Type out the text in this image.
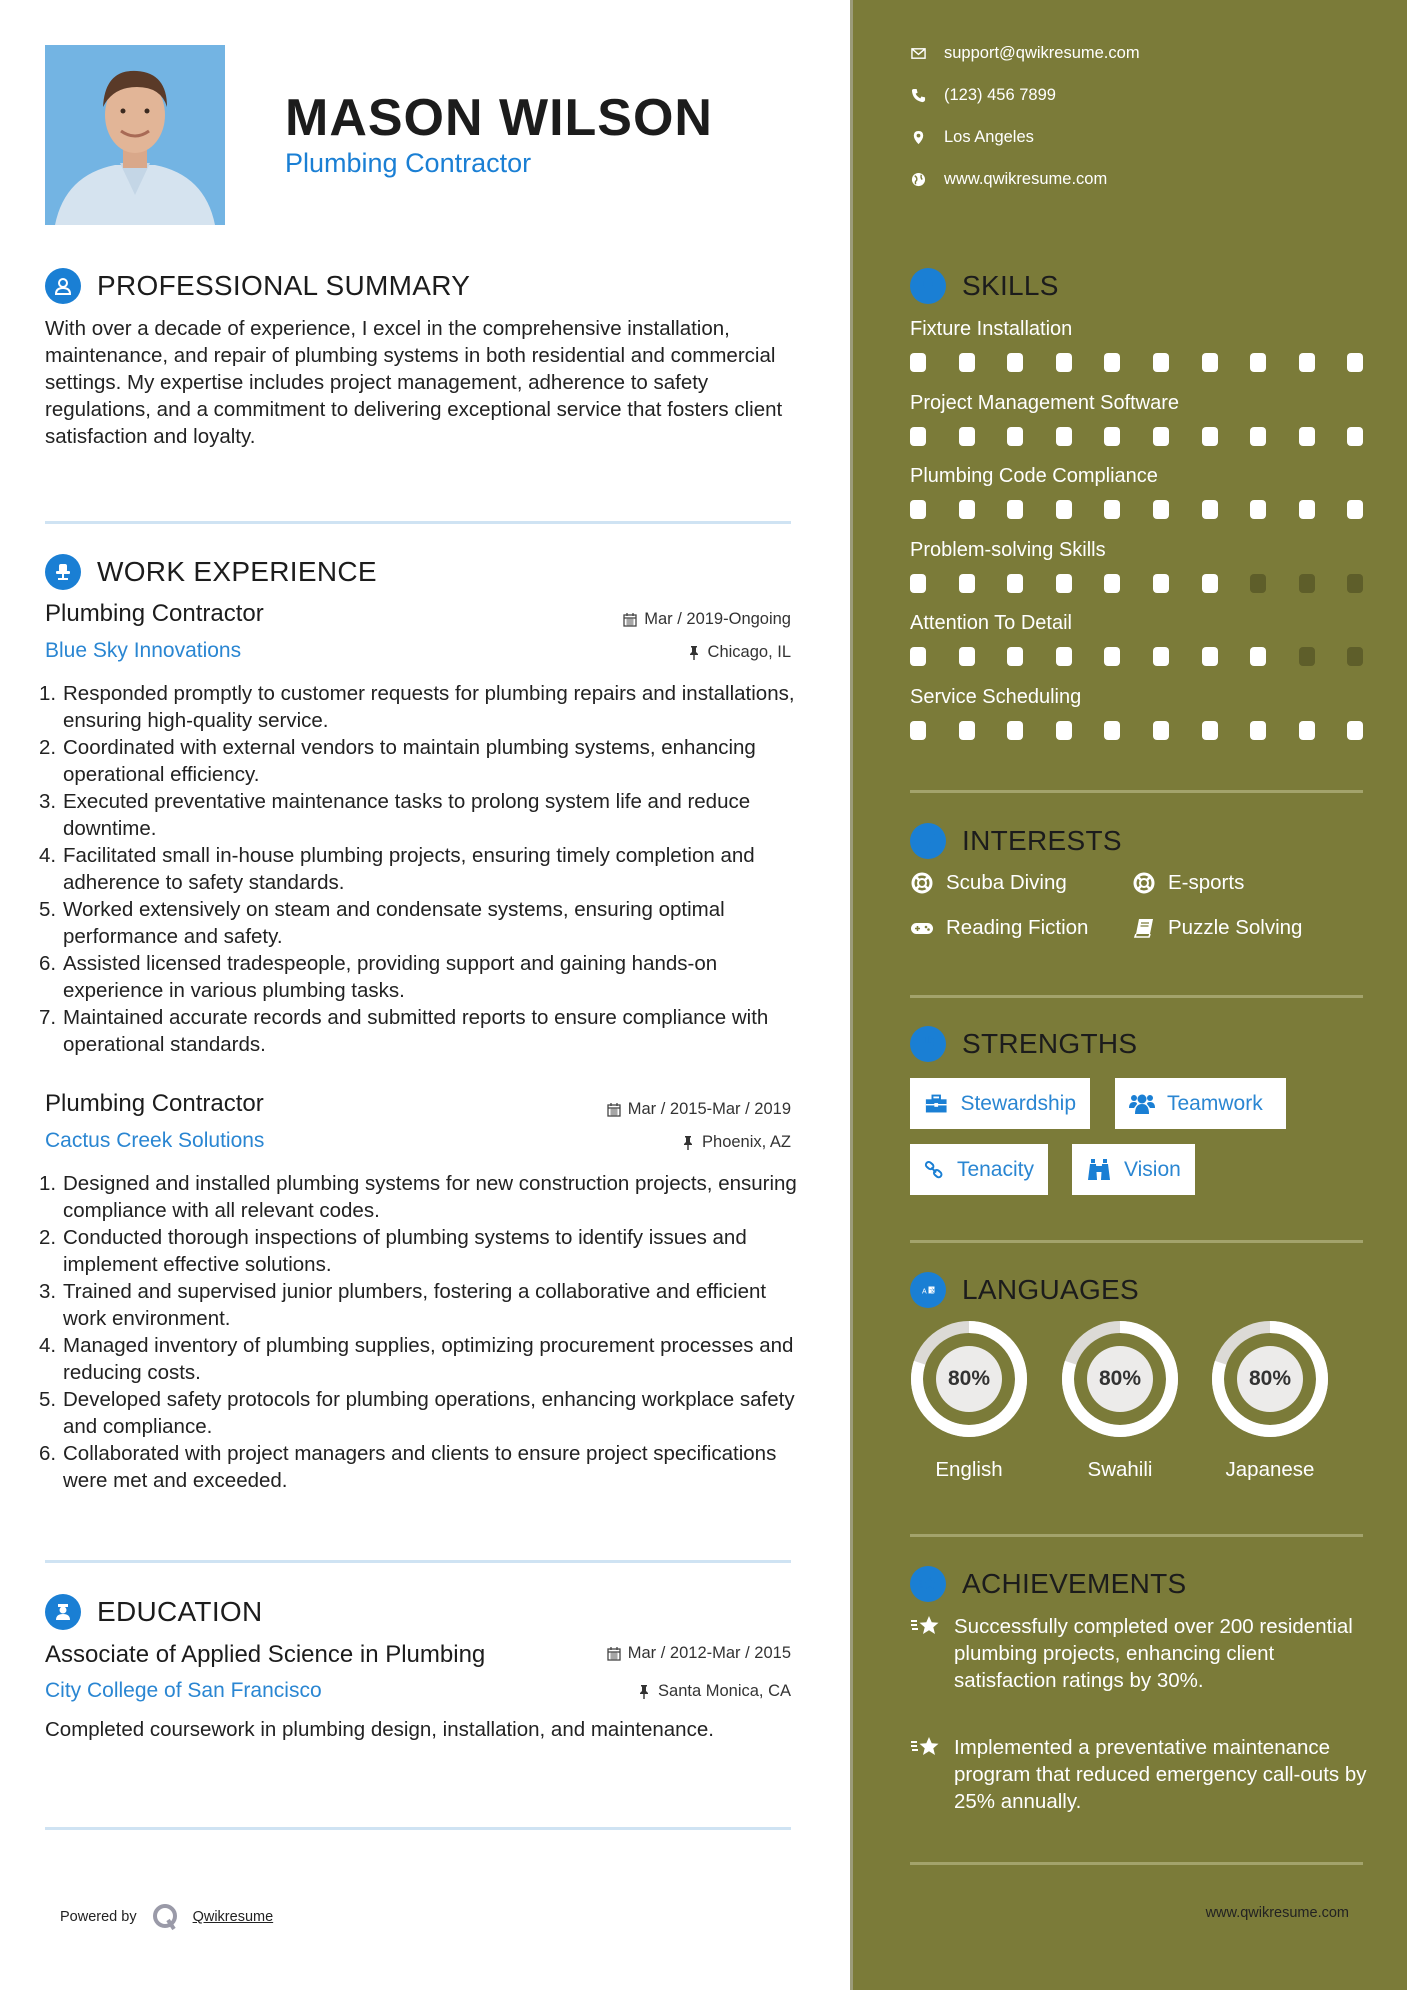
MASON WILSON
Plumbing Contractor
PROFESSIONAL SUMMARY
With over a decade of experience, I excel in the comprehensive installation, maintenance, and repair of plumbing systems in both residential and commercial settings. My expertise includes project management, adherence to safety regulations, and a commitment to delivering exceptional service that fosters client satisfaction and loyalty.
WORK EXPERIENCE
Plumbing Contractor	Mar / 2019-Ongoing
Blue Sky Innovations	Chicago, IL
1. Responded promptly to customer requests for plumbing repairs and installations, ensuring high-quality service.
2. Coordinated with external vendors to maintain plumbing systems, enhancing operational efficiency.
3. Executed preventative maintenance tasks to prolong system life and reduce downtime.
4. Facilitated small in-house plumbing projects, ensuring timely completion and adherence to safety standards.
5. Worked extensively on steam and condensate systems, ensuring optimal performance and safety.
6. Assisted licensed tradespeople, providing support and gaining hands-on experience in various plumbing tasks.
7. Maintained accurate records and submitted reports to ensure compliance with operational standards.
Plumbing Contractor	Mar / 2015-Mar / 2019
Cactus Creek Solutions	Phoenix, AZ
1. Designed and installed plumbing systems for new construction projects, ensuring compliance with all relevant codes.
2. Conducted thorough inspections of plumbing systems to identify issues and implement effective solutions.
3. Trained and supervised junior plumbers, fostering a collaborative and efficient work environment.
4. Managed inventory of plumbing supplies, optimizing procurement processes and reducing costs.
5. Developed safety protocols for plumbing operations, enhancing workplace safety and compliance.
6. Collaborated with project managers and clients to ensure project specifications were met and exceeded.
EDUCATION
Associate of Applied Science in Plumbing	Mar / 2012-Mar / 2015
City College of San Francisco	Santa Monica, CA
Completed coursework in plumbing design, installation, and maintenance.
Powered by	Qwikresume
support@qwikresume.com
(123) 456 7899
Los Angeles
www.qwikresume.com
SKILLS
Fixture Installation
Project Management Software
Plumbing Code Compliance
Problem-solving Skills
Attention To Detail
Service Scheduling
INTERESTS
Scuba Diving	E-sports
Reading Fiction	Puzzle Solving
STRENGTHS
Stewardship	Teamwork
Tenacity	Vision
A 文 LANGUAGES
80%
English
80%
Swahili
80%
Japanese
ACHIEVEMENTS
Successfully completed over 200 residential plumbing projects, enhancing client satisfaction ratings by 30%.
Implemented a preventative maintenance program that reduced emergency call-outs by 25% annually.
www.qwikresume.com
